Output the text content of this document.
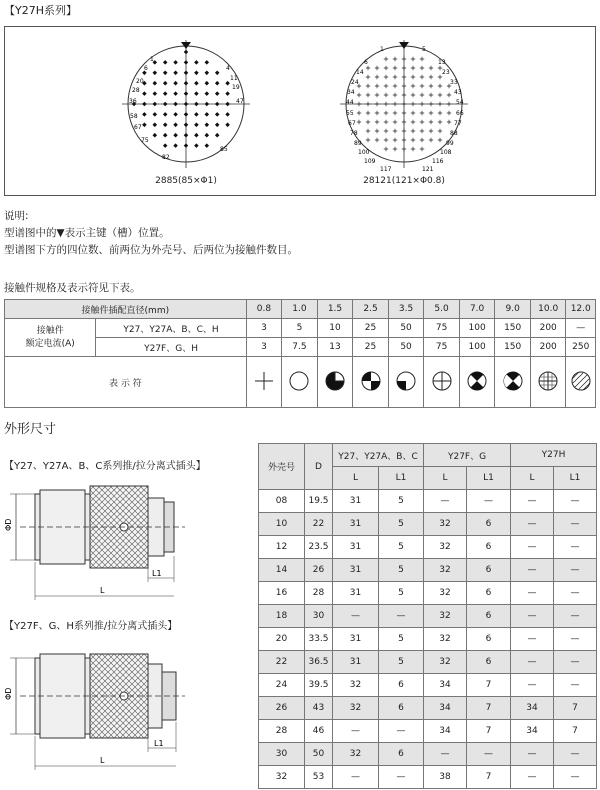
【Y27H系列】
1
6	4
11
19
20
28
36	47
58
67
75
82
85
1	5
6	13
14	23
24	33
34	43
44	54
55	66
67	77
78	88
89	99
100	108
109	116
117	121
2885(85×Φ1)	28121(121×Φ0.8)
说明:
型谱图中的▼表示主键（槽）位置。
型谱图下方的四位数、前两位为外壳号、后两位为接触件数目。
接触件规格及表示符见下表。
接触件插配直径(mm)		0.8	1.0	1.5	2.5	3.5	5.0	7.0	9.0	10.0	12.0

接触件
额定电流(A)	Y27、Y27A、B、C、H	3	5	10	25	50	75	100	150	200	—
	Y27F、G、H	3	7.5	13	25	50	75	100	150	200	250
表 示 符										
外形尺寸
【Y27、Y27A、B、C系列推/拉分离式插头】
【Y27F、G、H系列推/拉分离式插头】
ΦD
L1
L
ΦD
L1
L
外壳号	D	Y27、Y27A、B、C		Y27F、G		Y27H	
		L	L1	L	L1	L	L1
08	19.5	31	5	—	—	—	—
10	22	31	5	32	6	—	—
12	23.5	31	5	32	6	—	—
14	26	31	5	32	6	—	—
16	28	31	5	32	6	—	—
18	30	—	—	32	6	—	—
20	33.5	31	5	32	6	—	—
22	36.5	31	5	32	6	—	—
24	39.5	32	6	34	7	—	—
26	43	32	6	34	7	34	7
28	46	—	—	34	7	34	7
30	50	32	6	—	—	—	—
32	53	—	—	38	7	—	—
